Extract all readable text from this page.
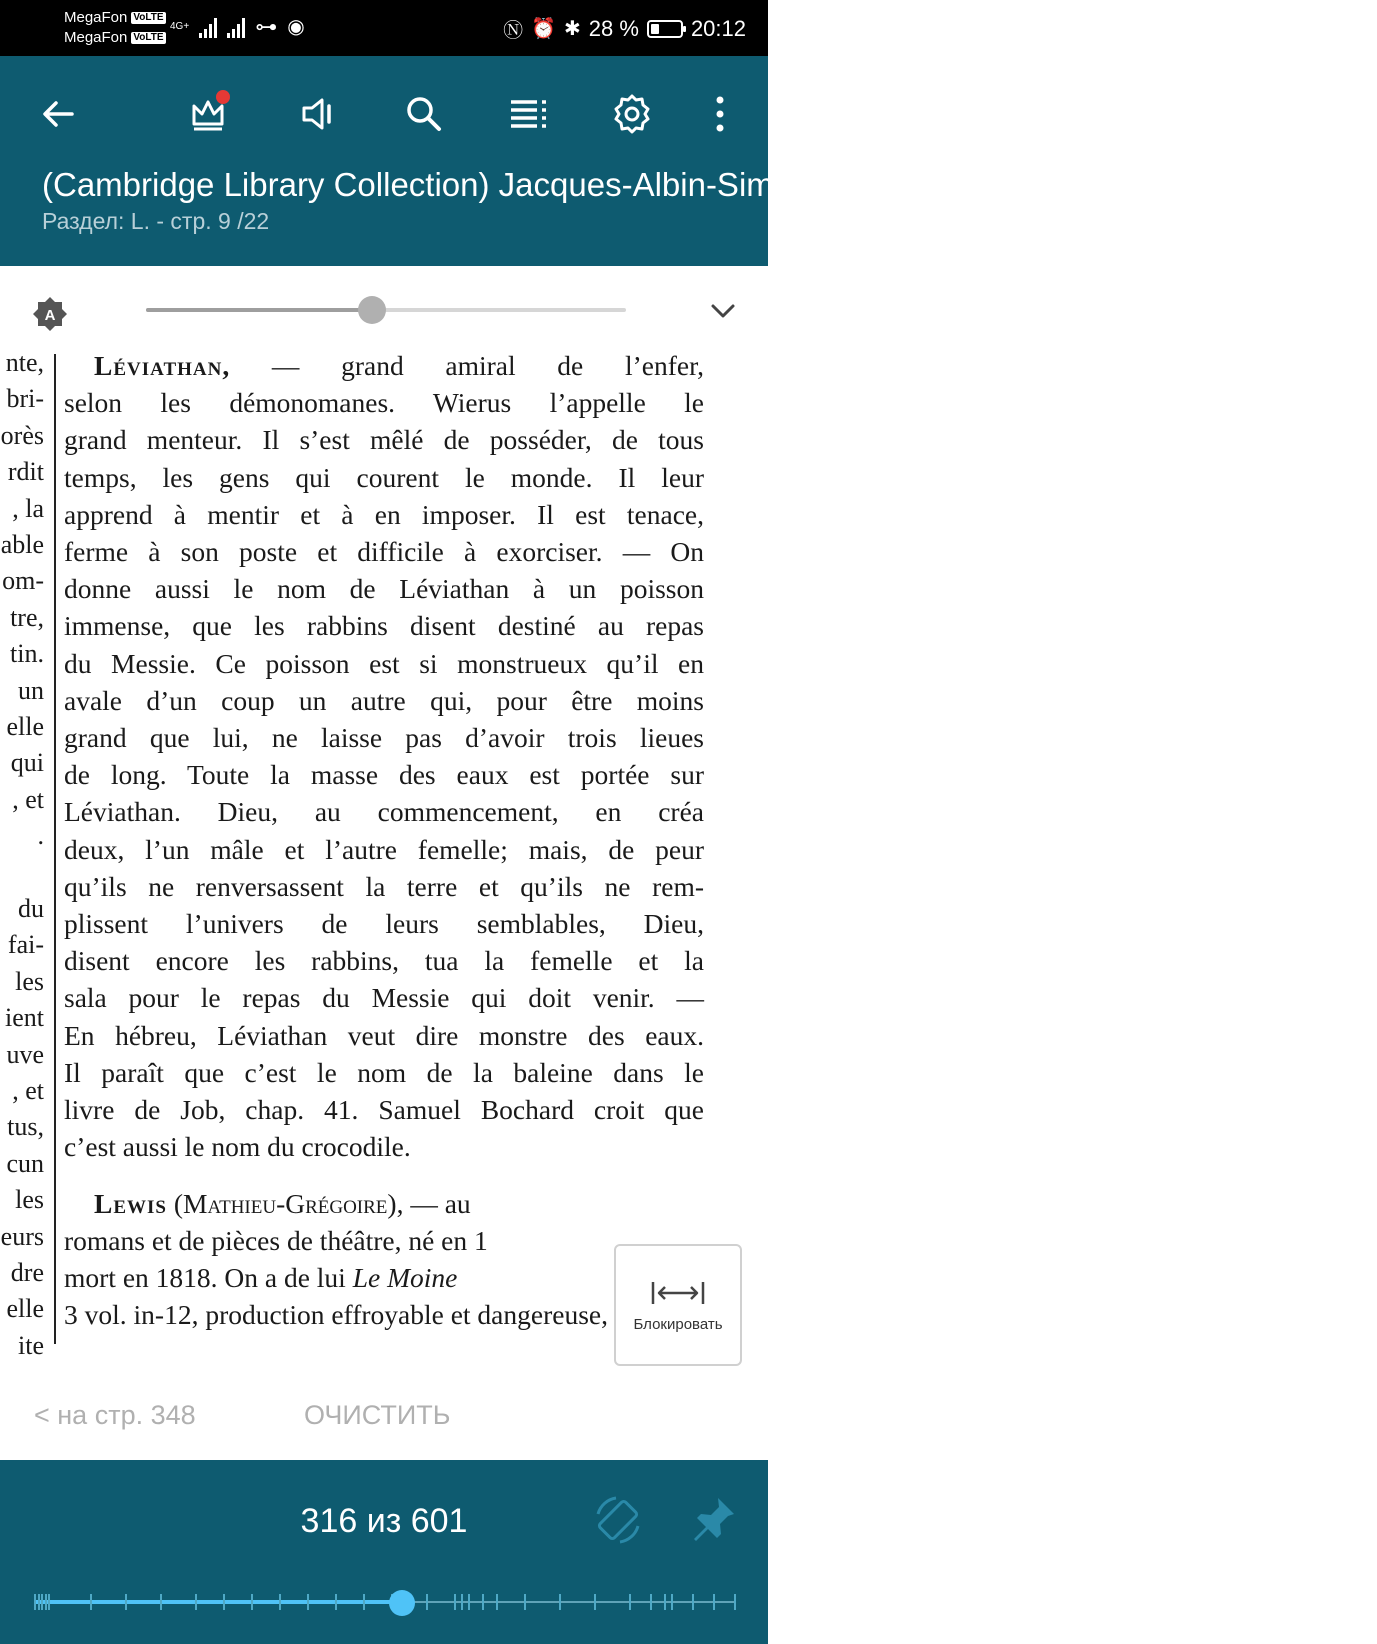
MegaFon VoLTE
MegaFon VoLTE
4G+	⊶ ◉	Ⓝ ⏰ ✱ 28 % 20:12
(Cambridge Library Collection) Jacques-Albin-Simon Collin de Plancy - Dictionnaire infernal
Раздел: L. - стр. 9 /22
A
nte,
bri-
orès
rdit
, la
able
om-
tre,
tin.
un
elle
qui
, et
.
du
fai-
les
ient
uve
, et
tus,
cun
les
eurs
dre
elle
ite
Léviathan, — grand amiral de l’enfer,
selon les démonomanes. Wierus l’appelle le
grand menteur. Il s’est mêlé de posséder, de tous
temps, les gens qui courent le monde. Il leur
apprend à mentir et à en imposer. Il est tenace,
ferme à son poste et difficile à exorciser. — On
donne aussi le nom de Léviathan à un poisson
immense, que les rabbins disent destiné au repas
du Messie. Ce poisson est si monstrueux qu’il en
avale d’un coup un autre qui, pour être moins
grand que lui, ne laisse pas d’avoir trois lieues
de long. Toute la masse des eaux est portée sur
Léviathan. Dieu, au commencement, en créa
deux, l’un mâle et l’autre femelle; mais, de peur
qu’ils ne renversassent la terre et qu’ils ne rem-
plissent l’univers de leurs semblables, Dieu,
disent encore les rabbins, tua la femelle et la
sala pour le repas du Messie qui doit venir. —
En hébreu, Léviathan veut dire monstre des eaux.
Il paraît que c’est le nom de la baleine dans le
livre de Job, chap. 41. Samuel Bochard croit que
c’est aussi le nom du crocodile.
Lewis (Mathieu-Grégoire), — au
romans et de pièces de théâtre, né en 1
mort en 1818. On a de lui Le Moine
3 vol. in-12, production effroyable et dangereuse,	Блокировать
< на стр. 348	ОЧИСТИТЬ
316 из 601
